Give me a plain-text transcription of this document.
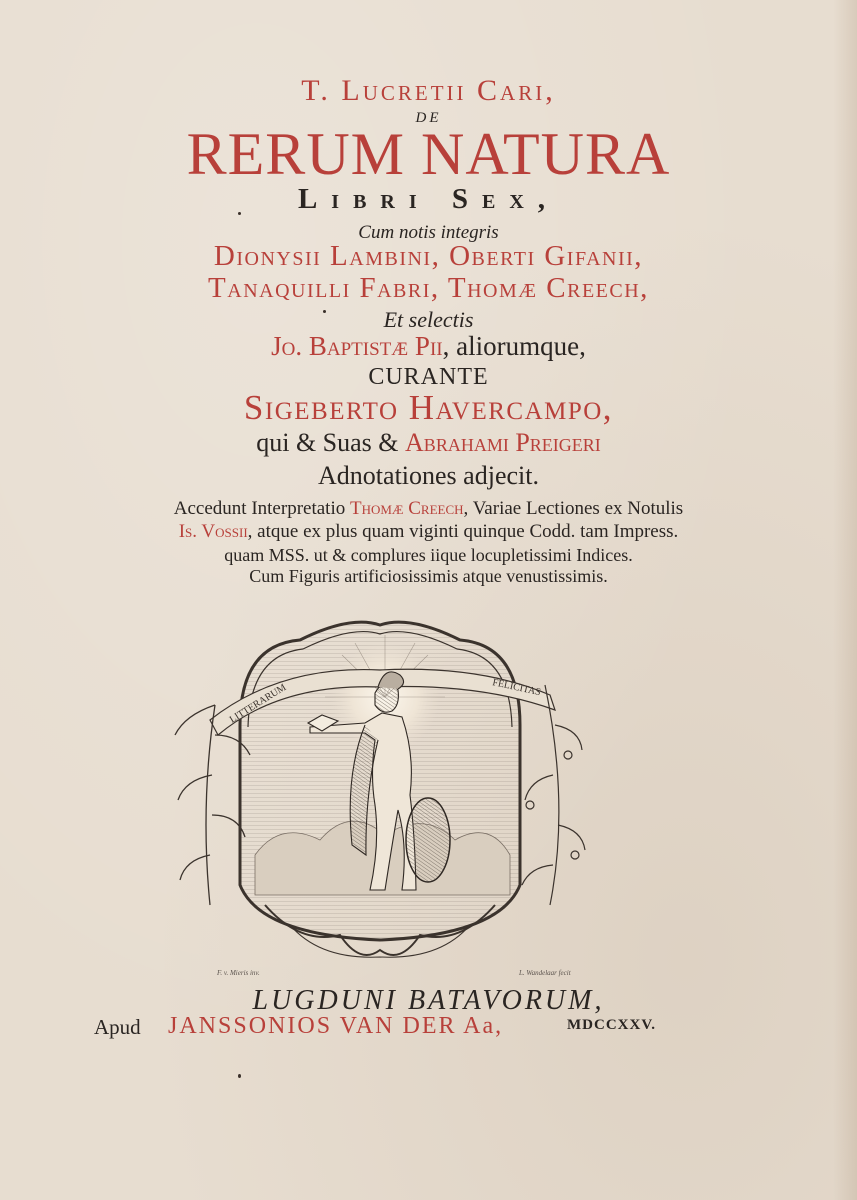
T. Lucretii Cari,
de
RERUM NATURA
Libri Sex,
Cum notis integris
Dionysii Lambini, Oberti Gifanii,
Tanaquilli Fabri, Thomæ Creech,
Et selectis
Jo. Baptistæ Pii, aliorumque,
CURANTE
Sigeberto Havercampo,
qui & Suas & Abrahami Preigeri
Adnotationes adjecit.
Accedunt Interpretatio Thomæ Creech, Variae Lectiones ex Notulis
Is. Vossii, atque ex plus quam viginti quinque Codd. tam Impress.
quam MSS. ut & complures iique locupletissimi Indices.
Cum Figuris artificiosissimis atque venustissimis.
LITTERARUM	FELICITAS
F. v. Mieris inv.	L. Wandelaar fecit
LUGDUNI BATAVORUM,
Apud JANSSONIOS VAN DER Aa,	MDCCXXV.
